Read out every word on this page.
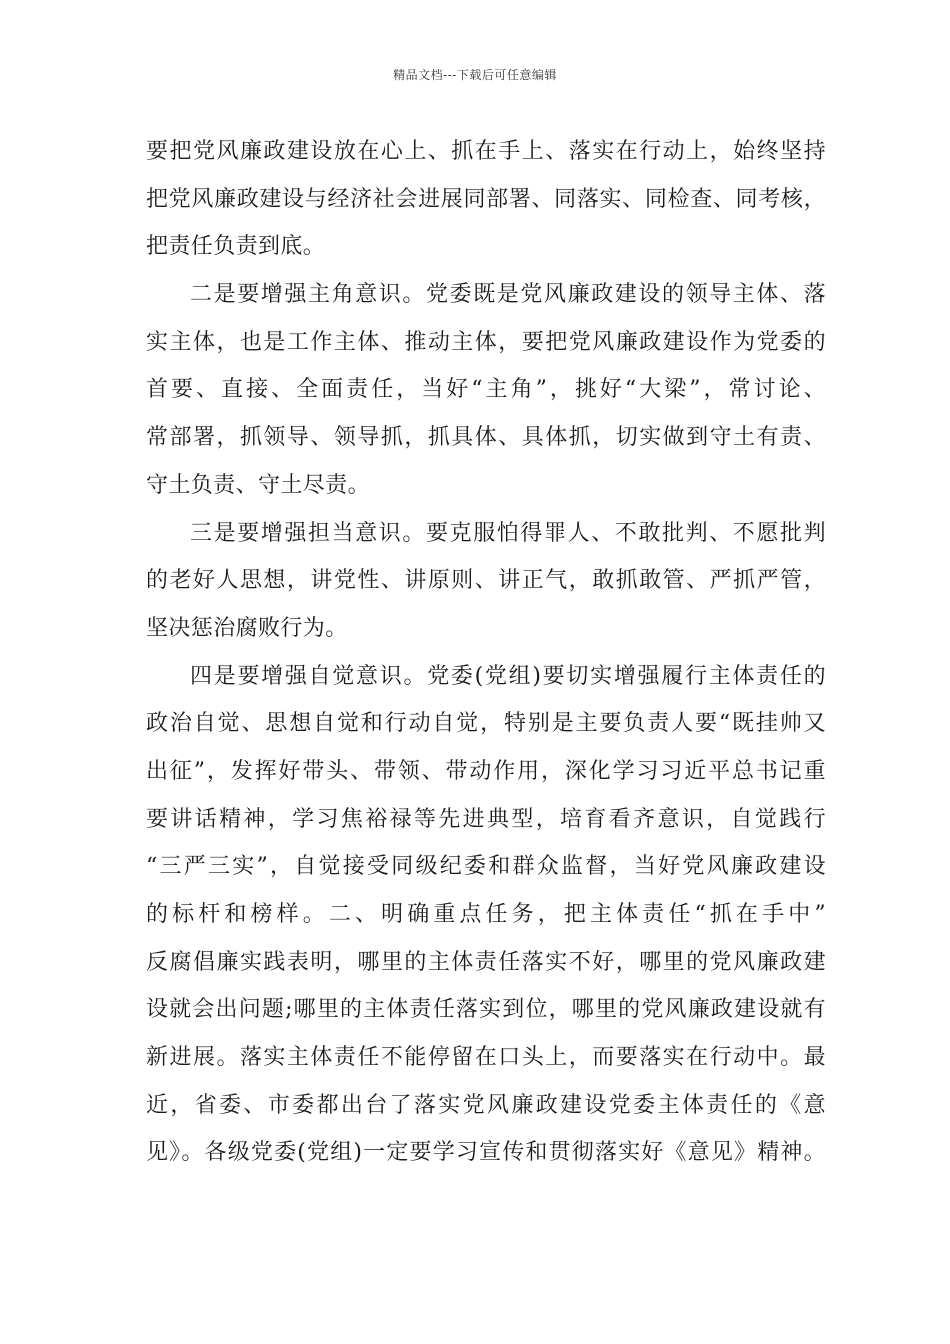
精品文档---下载后可任意编辑
要把党风廉政建设放在心上、抓在手上、落实在行动上，始终坚持
把党风廉政建设与经济社会进展同部署、同落实、同检查、同考核，
把责任负责到底。
二是要增强主角意识。党委既是党风廉政建设的领导主体、落
实主体，也是工作主体、推动主体，要把党风廉政建设作为党委的
首要、直接、全面责任，当好“主角”，挑好“大梁”，常讨论、
常部署，抓领导、领导抓，抓具体、具体抓，切实做到守土有责、
守土负责、守土尽责。
三是要增强担当意识。要克服怕得罪人、不敢批判、不愿批判
的老好人思想，讲党性、讲原则、讲正气，敢抓敢管、严抓严管，
坚决惩治腐败行为。
四是要增强自觉意识。党委(党组)要切实增强履行主体责任的
政治自觉、思想自觉和行动自觉，特别是主要负责人要“既挂帅又
出征”，发挥好带头、带领、带动作用，深化学习习近平总书记重
要讲话精神，学习焦裕禄等先进典型，培育看齐意识，自觉践行
“三严三实”，自觉接受同级纪委和群众监督，当好党风廉政建设
的标杆和榜样。二、明确重点任务，把主体责任“抓在手中”
反腐倡廉实践表明，哪里的主体责任落实不好，哪里的党风廉政建
设就会出问题;哪里的主体责任落实到位，哪里的党风廉政建设就有
新进展。落实主体责任不能停留在口头上，而要落实在行动中。最
近，省委、市委都出台了落实党风廉政建设党委主体责任的《意
见》。各级党委(党组)一定要学习宣传和贯彻落实好《意见》精神。
